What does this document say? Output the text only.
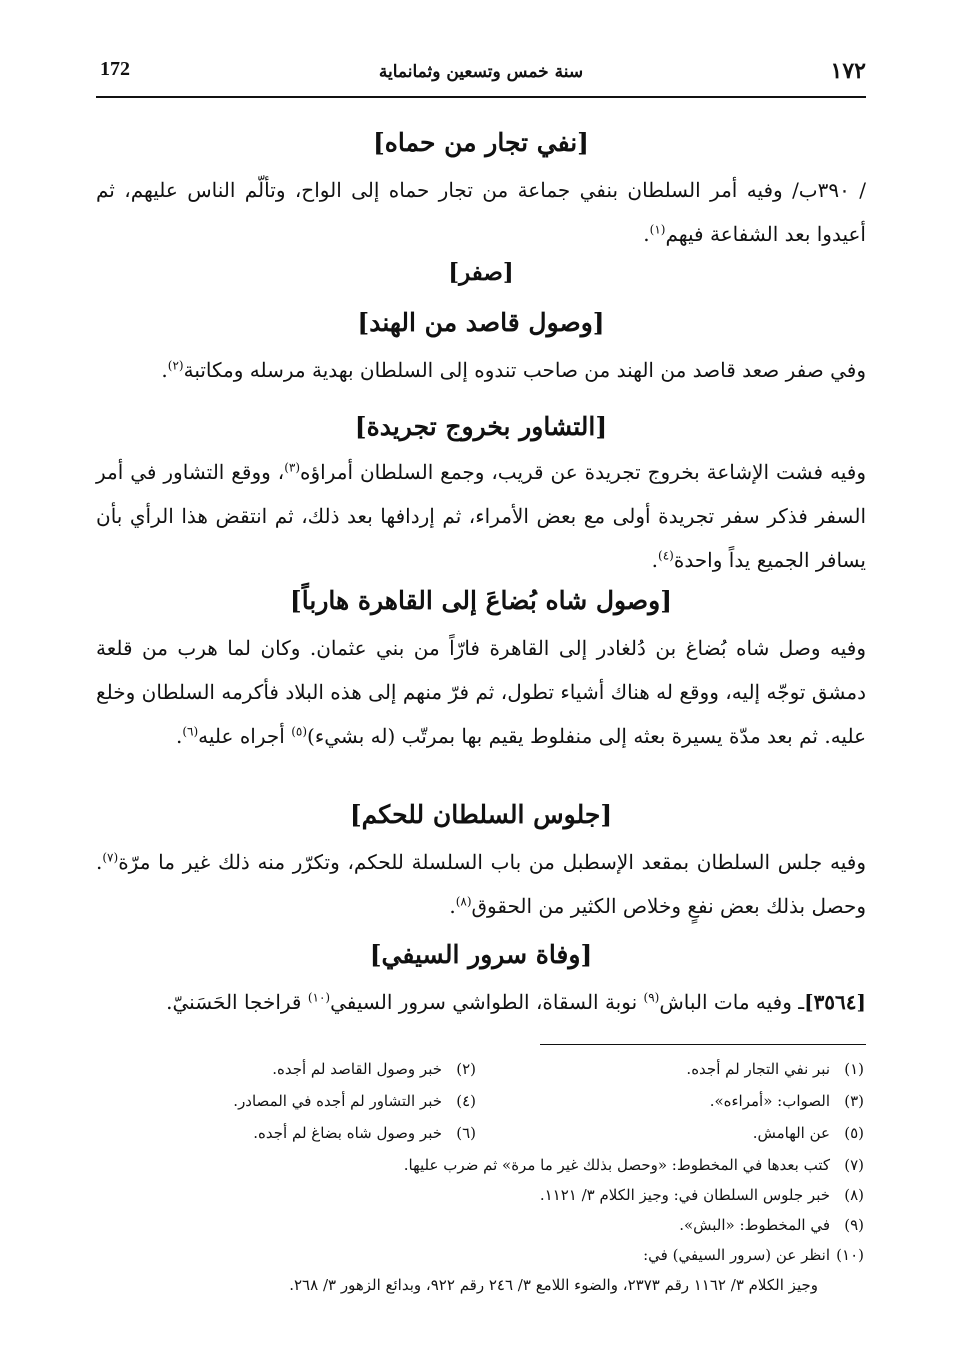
172	سنة خمس وتسعين وثمانماية	١٧٢
[نفي تجار من حماه]
/ ٣٩٠ب/ وفيه أمر السلطان بنفي جماعة من تجار حماه إلى الواح، وتألّم الناس عليهم، ثم أعيدوا بعد الشفاعة فيهم$^{(١)}$.
[صفر]
[وصول قاصد من الهند]
وفي صفر صعد قاصد من الهند من صاحب تندوه إلى السلطان بهدية مرسله ومكاتبة$^{(٢)}$.
[التشاور بخروج تجريدة]
وفيه فشت الإشاعة بخروج تجريدة عن قريب، وجمع السلطان أمراؤه$^{(٣)}$، ووقع التشاور في أمر السفر فذكر سفر تجريدة أولى مع بعض الأمراء، ثم إردافها بعد ذلك، ثم انتقض هذا الرأي بأن يسافر الجميع يداً واحدة$^{(٤)}$.
[وصول شاه بُضاعَ إلى القاهرة هارباً]
وفيه وصل شاه بُضاغ بن دُلغادر إلى القاهرة فارّاً من بني عثمان. وكان لما هرب من قلعة دمشق توجّه إليه، ووقع له هناك أشياء تطول، ثم فرّ منهم إلى هذه البلاد فأكرمه السلطان وخلع عليه. ثم بعد مدّة يسيرة بعثه إلى منفلوط يقيم بها بمرتّب (له بشيء)$^{(٥)}$ أجراه عليه$^{(٦)}$.
[جلوس السلطان للحكم]
وفيه جلس السلطان بمقعد الإسطبل من باب السلسلة للحكم، وتكرّر منه ذلك غير ما مرّة$^{(٧)}$. وحصل بذلك بعض نفعٍ وخلاص الكثير من الحقوق$^{(٨)}$.
[وفاة سرور السيفي]
[٣٥٦٤]ـ وفيه مات الباش$^{(٩)}$ نوبة السقاة، الطواشي سرور السيفي$^{(١٠)}$ قراخجا الحَسَنيّ.
(١)نبر نفي التجار لم أجده.
(٢)خبر وصول القاصد لم أجده.
(٣)الصواب: «أمراءه».
(٤)خبر التشاور لم أجده في المصادر.
(٥)عن الهامش.
(٦)خبر وصول شاه بضاغ لم أجده.
(٧)كتب بعدها في المخطوط: «وحصل بذلك غير ما مرة» ثم ضرب عليها.
(٨)خبر جلوس السلطان في: وجيز الكلام ٣/ ١١٢١.
(٩)في المخطوط: «البش».
(١٠)انظر عن (سرور السيفي) في:
وجيز الكلام ٣/ ١١٦٢ رقم ٢٣٧٣، والضوء اللامع ٣/ ٢٤٦ رقم ٩٢٢، وبدائع الزهور ٣/ ٢٦٨.
